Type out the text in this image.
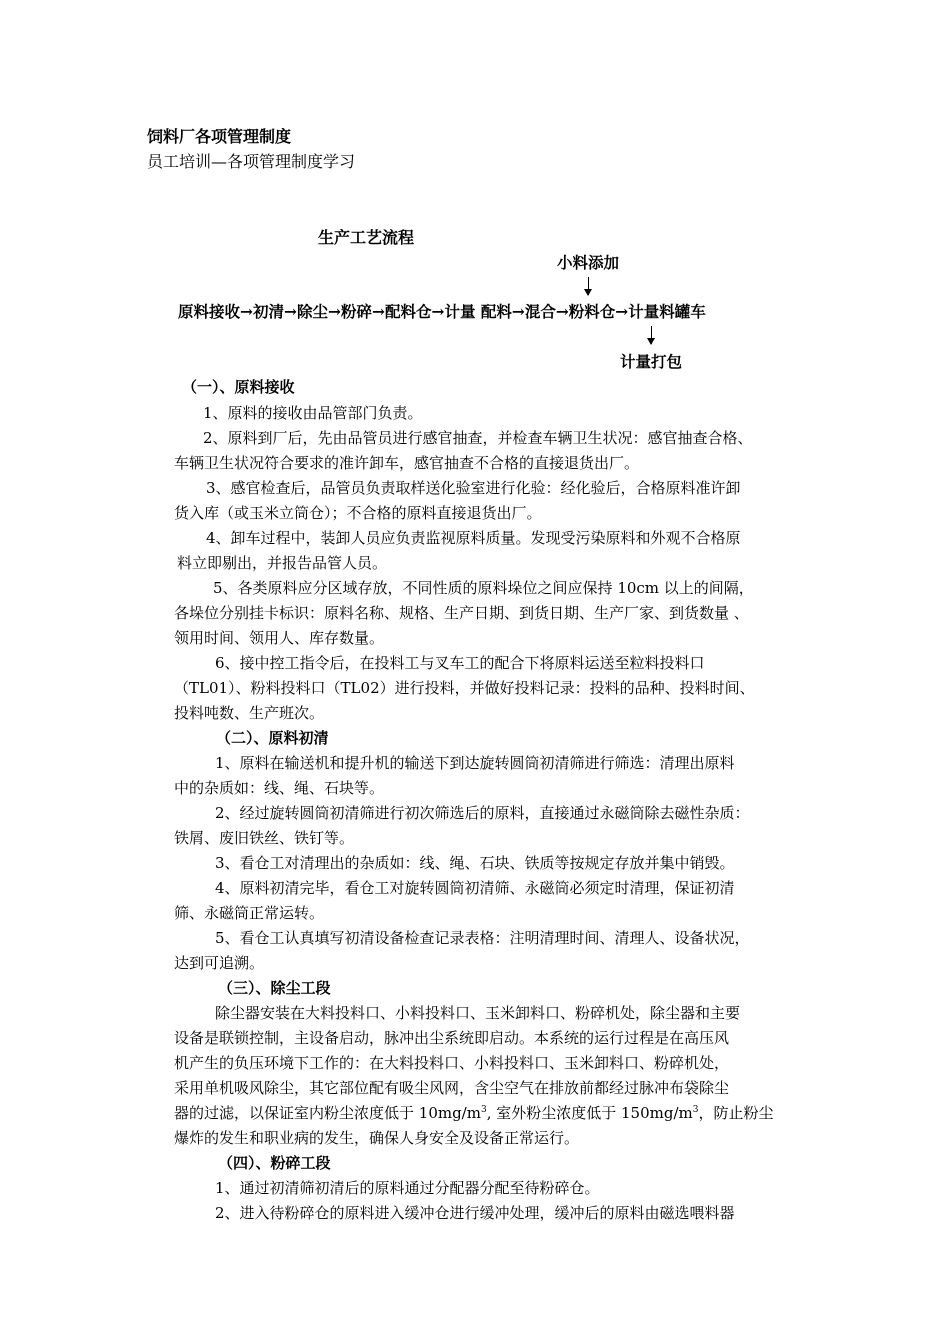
饲料厂各项管理制度
员工培训—各项管理制度学习
生产工艺流程
小料添加
原料接收→初清→除尘→粉碎→配料仓→计量 配料→混合→粉料仓→计量料罐车
计量打包
（一）、原料接收
1、原料的接收由品管部门负责。
2、原料到厂后，先由品管员进行感官抽查，并检查车辆卫生状况：感官抽查合格、
车辆卫生状况符合要求的准许卸车，感官抽查不合格的直接退货出厂。
3、感官检查后，品管员负责取样送化验室进行化验：经化验后，合格原料准许卸
货入库（或玉米立筒仓）；不合格的原料直接退货出厂。
4、卸车过程中，装卸人员应负责监视原料质量。发现受污染原料和外观不合格原
料立即剔出，并报告品管人员。
5、各类原料应分区域存放，不同性质的原料垛位之间应保持 10cm 以上的间隔，
各垛位分别挂卡标识：原料名称、规格、生产日期、到货日期、生产厂家、到货数量 、
领用时间、领用人、库存数量。
6、接中控工指令后，在投料工与叉车工的配合下将原料运送至粒料投料口
（TL01）、粉料投料口（TL02）进行投料，并做好投料记录：投料的品种、投料时间、
投料吨数、生产班次。
（二）、原料初清
1、原料在输送机和提升机的输送下到达旋转圆筒初清筛进行筛选：清理出原料
中的杂质如：线、绳、石块等。
2、经过旋转圆筒初清筛进行初次筛选后的原料，直接通过永磁筒除去磁性杂质：
铁屑、废旧铁丝、铁钉等。
3、看仓工对清理出的杂质如：线、绳、石块、铁质等按规定存放并集中销毁。
4、原料初清完毕，看仓工对旋转圆筒初清筛、永磁筒必须定时清理，保证初清
筛、永磁筒正常运转。
5、看仓工认真填写初清设备检查记录表格：注明清理时间、清理人、设备状况，
达到可追溯。
（三）、除尘工段
除尘器安装在大料投料口、小料投料口、玉米卸料口、粉碎机处，除尘器和主要
设备是联锁控制，主设备启动，脉冲出尘系统即启动。本系统的运行过程是在高压风
机产生的负压环境下工作的：在大料投料口、小料投料口、玉米卸料口、粉碎机处，
采用单机吸风除尘，其它部位配有吸尘风网，含尘空气在排放前都经过脉冲布袋除尘
器的过滤，以保证室内粉尘浓度低于 $10mg/m^3$, 室外粉尘浓度低于 $150mg/m^3$，防止粉尘
爆炸的发生和职业病的发生，确保人身安全及设备正常运行。
（四）、粉碎工段
1、通过初清筛初清后的原料通过分配器分配至待粉碎仓。
2、进入待粉碎仓的原料进入缓冲仓进行缓冲处理，缓冲后的原料由磁选喂料器
